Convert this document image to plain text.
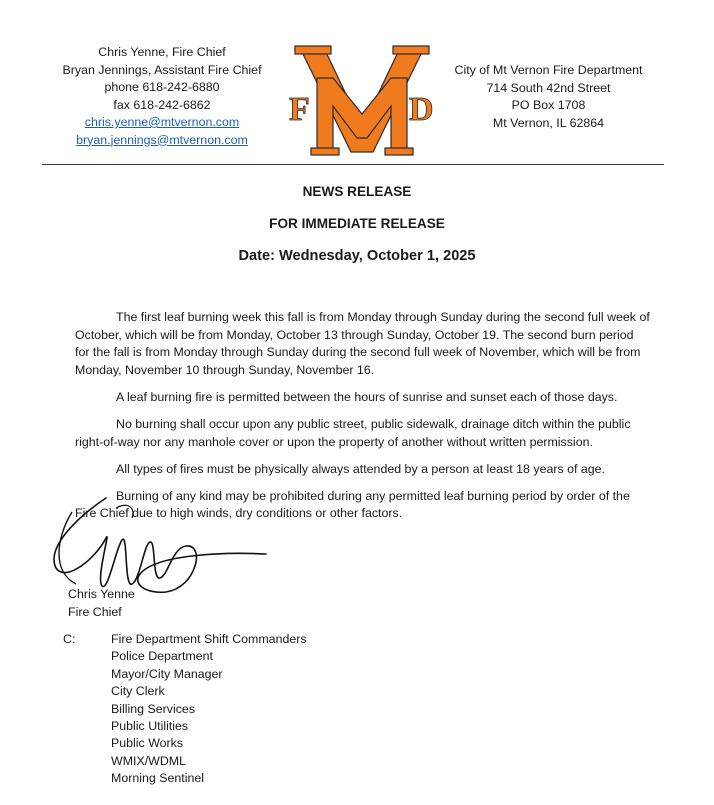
Chris Yenne, Fire Chief
Bryan Jennings, Assistant Fire Chief
phone 618-242-6880
fax 618-242-6862
chris.yenne@mtvernon.com
bryan.jennings@mtvernon.com
F	D
City of Mt Vernon Fire Department
714 South 42nd Street
PO Box 1708
Mt Vernon, IL 62864
NEWS RELEASE
FOR IMMEDIATE RELEASE
Date: Wednesday, October 1, 2025

The first leaf burning week this fall is from Monday through Sunday during the second full week of October, which will be from Monday, October 13 through Sunday, October 19. The second burn period for the fall is from Monday through Sunday during the second full week of November, which will be from Monday, November 10 through Sunday, November 16.

A leaf burning fire is permitted between the hours of sunrise and sunset each of those days.

No burning shall occur upon any public street, public sidewalk, drainage ditch within the public right-of-way nor any manhole cover or upon the property of another without written permission.

All types of fires must be physically always attended by a person at least 18 years of age.

Burning of any kind may be prohibited during any permitted leaf burning period by order of the Fire Chief due to high winds, dry conditions or other factors.

Chris Yenne
Fire Chief
C:	Fire Department Shift Commanders
Police Department
Mayor/City Manager
City Clerk
Billing Services
Public Utilities
Public Works
WMIX/WDML
Morning Sentinel
